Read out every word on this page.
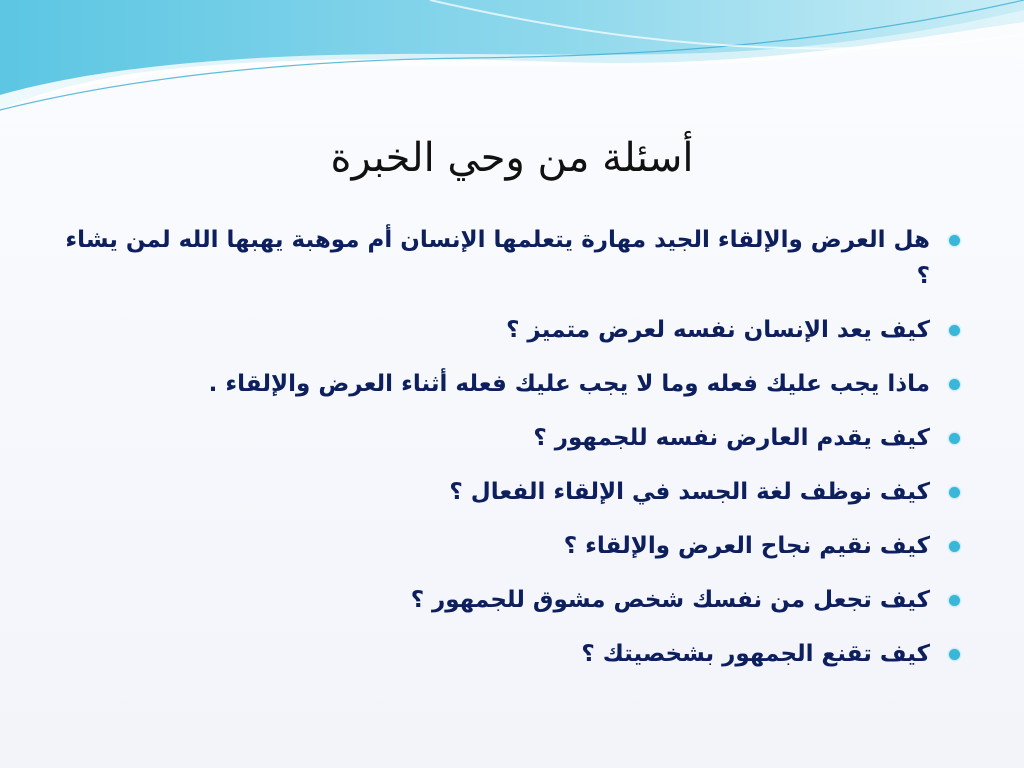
أسئلة من وحي الخبرة
هل العرض والإلقاء الجيد مهارة يتعلمها الإنسان أم موهبة يهبها الله لمن يشاء ؟
كيف يعد الإنسان نفسه لعرض متميز ؟
ماذا يجب عليك فعله وما لا يجب عليك فعله أثناء العرض والإلقاء .
كيف يقدم العارض نفسه للجمهور ؟
كيف نوظف لغة الجسد في الإلقاء الفعال ؟
كيف نقيم نجاح العرض والإلقاء ؟
كيف تجعل من نفسك شخص مشوق للجمهور ؟
كيف تقنع الجمهور بشخصيتك ؟
